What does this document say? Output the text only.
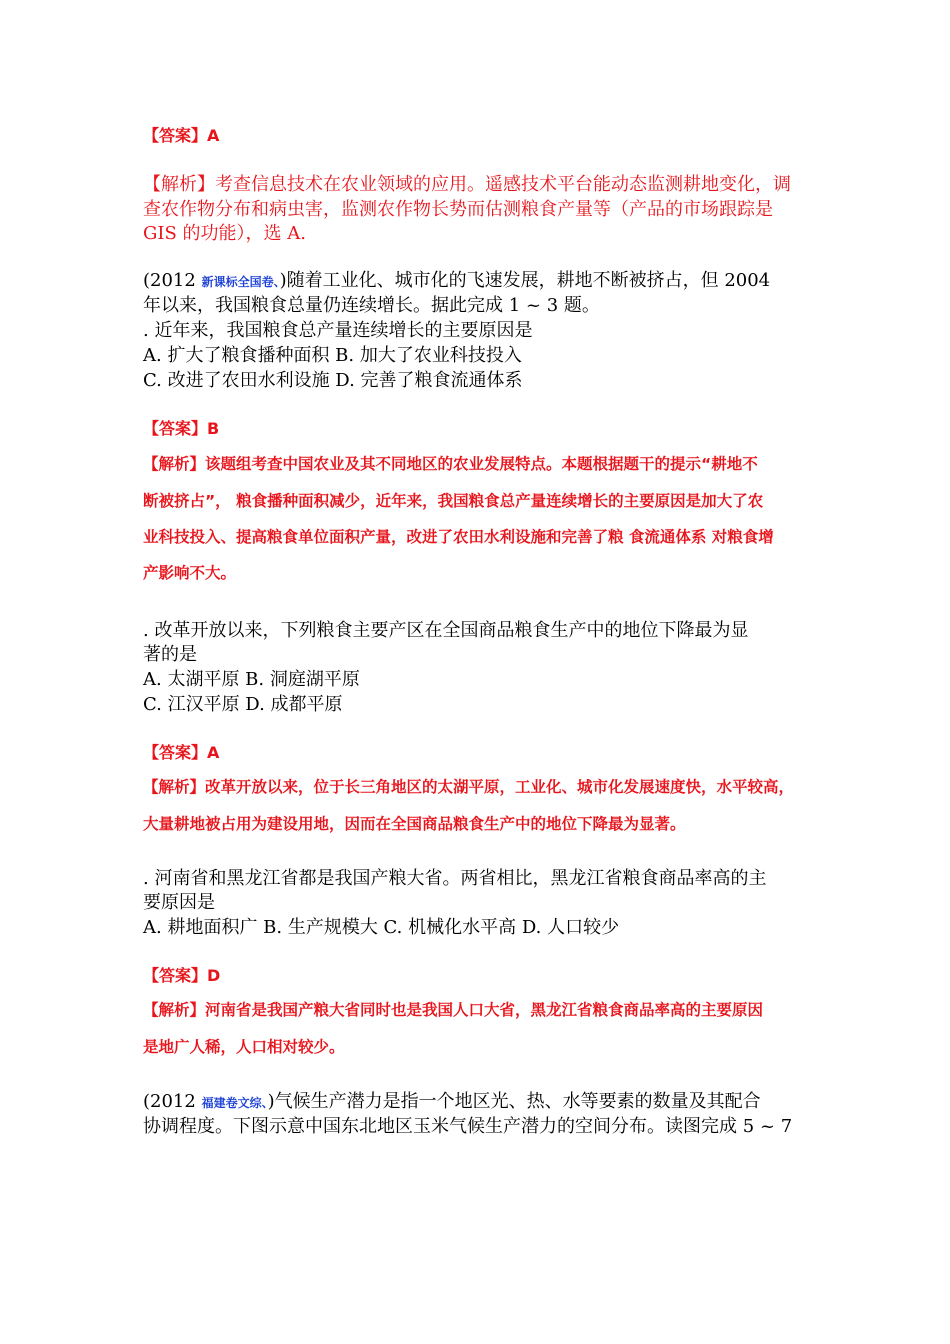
【答案】A
【解析】考查信息技术在农业领域的应用。遥感技术平台能动态监测耕地变化，调
查农作物分布和病虫害，监测农作物长势而估测粮食产量等（产品的市场跟踪是
GIS 的功能），选 A.
(2012 新课标全国卷、)随着工业化、城市化的飞速发展，耕地不断被挤占，但 2004
年以来，我国粮食总量仍连续增长。据此完成 1 ~ 3 题。
. 近年来，我国粮食总产量连续增长的主要原因是
A. 扩大了粮食播种面积 B. 加大了农业科技投入
C. 改进了农田水利设施 D. 完善了粮食流通体系
【答案】B
【解析】该题组考查中国农业及其不同地区的农业发展特点。本题根据题干的提示“耕地不
断被挤占”， 粮食播种面积减少，近年来，我国粮食总产量连续增长的主要原因是加大了农
业科技投入、提高粮食单位面积产量，改进了农田水利设施和完善了粮 食流通体系 对粮食增
产影响不大。
. 改革开放以来，下列粮食主要产区在全国商品粮食生产中的地位下降最为显
著的是
A. 太湖平原 B. 洞庭湖平原
C. 江汉平原 D. 成都平原
【答案】A
【解析】改革开放以来，位于长三角地区的太湖平原，工业化、城市化发展速度快，水平较高，
大量耕地被占用为建设用地，因而在全国商品粮食生产中的地位下降最为显著。
. 河南省和黑龙江省都是我国产粮大省。两省相比，黑龙江省粮食商品率高的主
要原因是
A. 耕地面积广 B. 生产规模大 C. 机械化水平高 D. 人口较少
【答案】D
【解析】河南省是我国产粮大省同时也是我国人口大省，黑龙江省粮食商品率高的主要原因
是地广人稀，人口相对较少。
(2012 福建卷文综、)气候生产潜力是指一个地区光、热、水等要素的数量及其配合
协调程度。下图示意中国东北地区玉米气候生产潜力的空间分布。读图完成 5 ~ 7
